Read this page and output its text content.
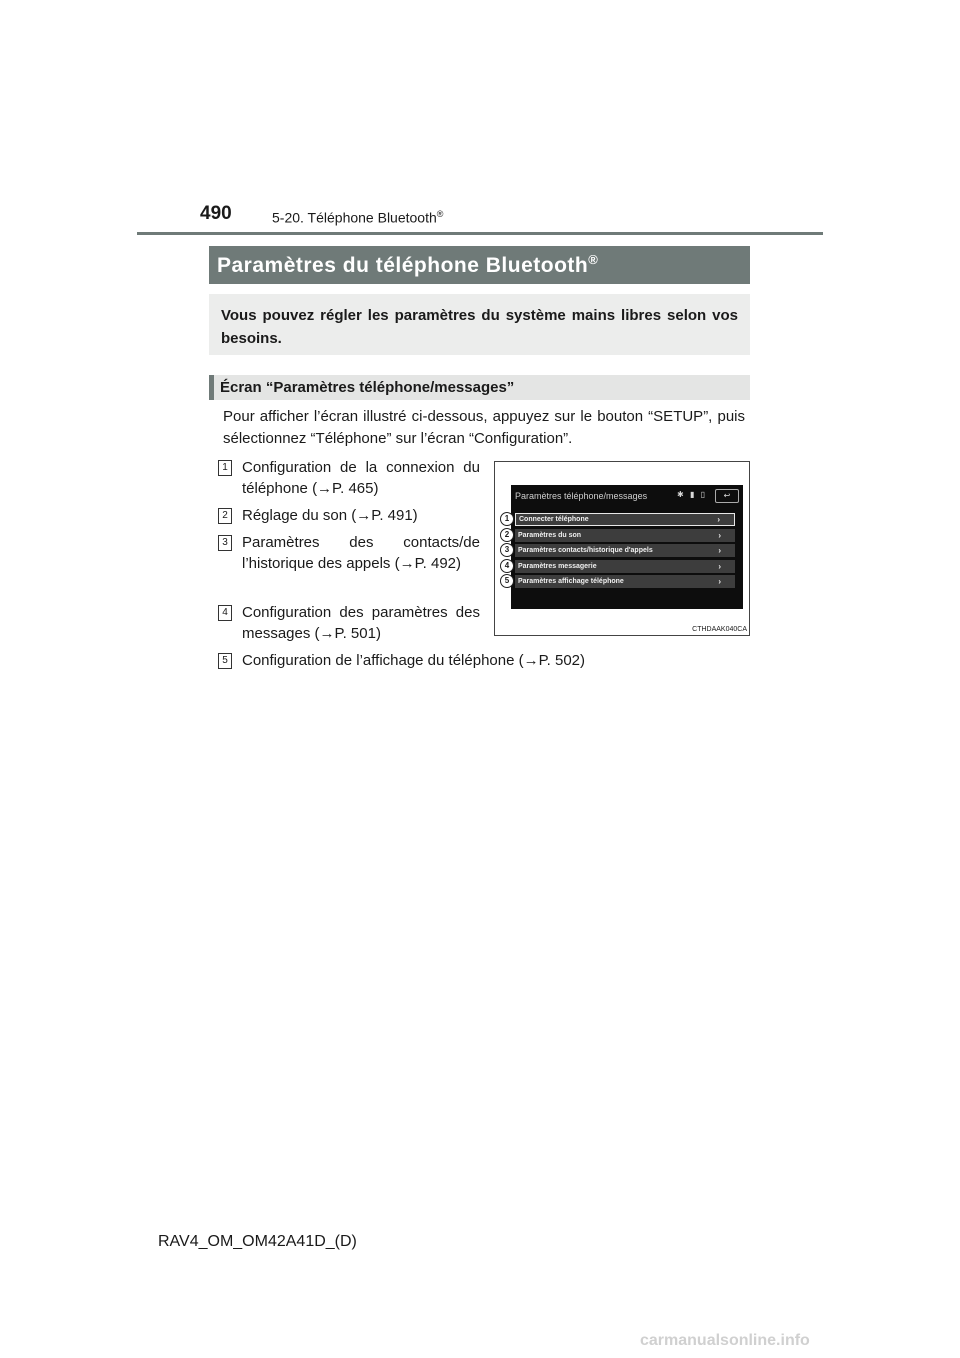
490	5-20. Téléphone Bluetooth®
Paramètres du téléphone Bluetooth®
Vous pouvez régler les paramètres du système mains libres selon vos besoins.
Écran “Paramètres téléphone/messages”
Pour afficher l’écran illustré ci-dessous, appuyez sur le bouton “SETUP”, puis sélectionnez “Téléphone” sur l’écran “Configuration”.
1 Configuration de la connexion du téléphone (→P. 465)
2 Réglage du son (→P. 491)
3 Paramètres des contacts/de l’historique des appels (→P. 492)
4 Configuration des paramètres des messages (→P. 501)
5 Configuration de l’affichage du téléphone (→P. 502)
Paramètres téléphone/messages	✱ ▮ ▯	↩
Connecter téléphone	›
Paramètres du son	›
Paramètres contacts/historique d'appels	›
Paramètres messagerie	›
Paramètres affichage téléphone	›
1
2
3
4
5
CTHDAAK040CA
RAV4_OM_OM42A41D_(D)
carmanualsonline.info
